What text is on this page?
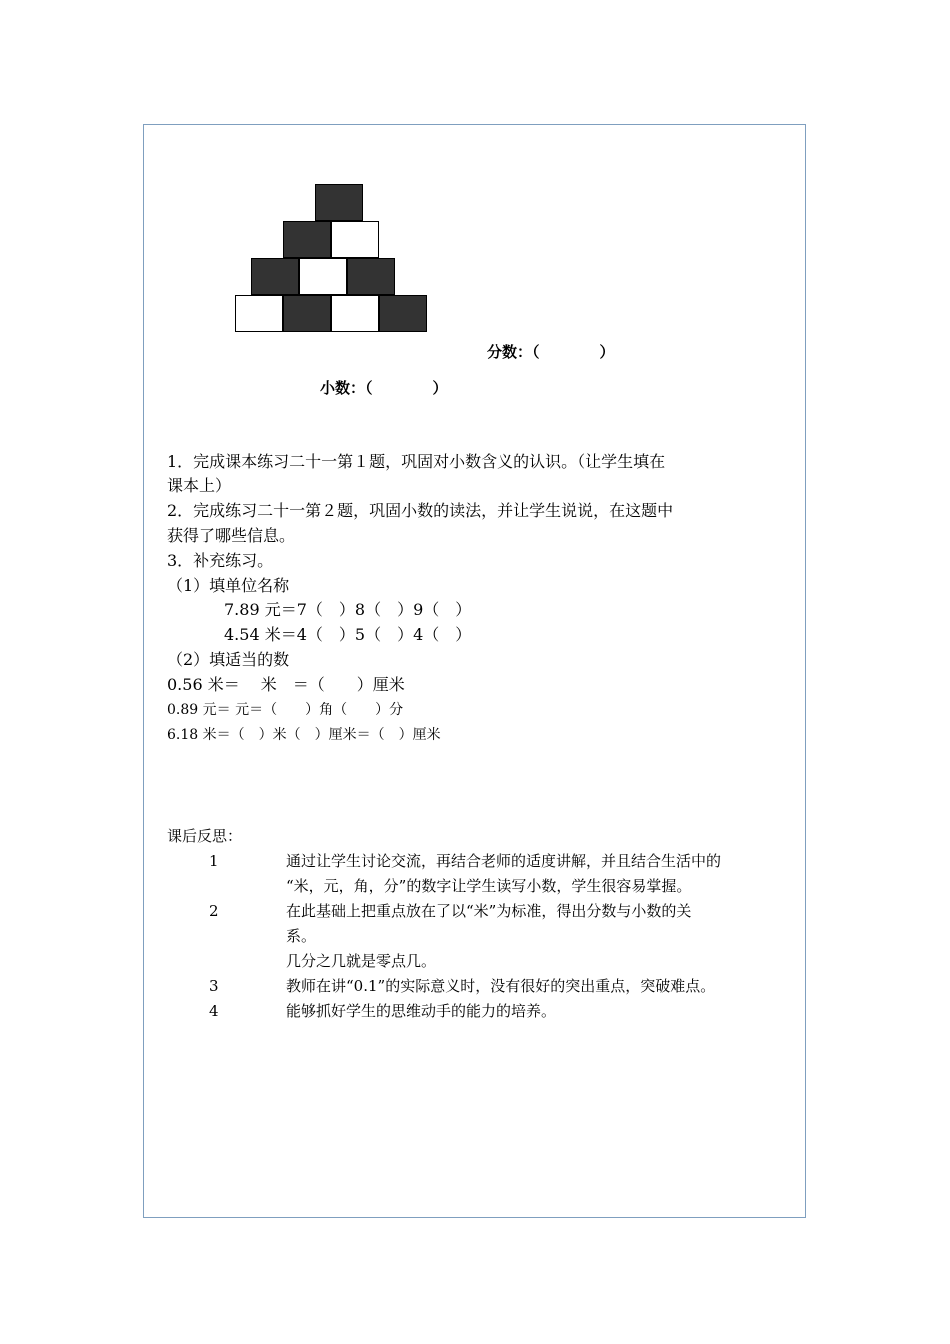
分数：（　　　　）
小数：（　　　　）
1．完成课本练习二十一第１题，巩固对小数含义的认识。（让学生填在
课本上）
2．完成练习二十一第２题，巩固小数的读法，并让学生说说，在这题中
获得了哪些信息。
3．补充练习。
（1）填单位名称
　　7.89 元＝7（　）8（　）9（　）
　　4.54 米＝4（　）5（　）4（　）
（2）填适当的数
0.56 米＝　 米　＝（　　）厘米
0.89 元＝ 元＝（　　）角（　　）分
6.18 米＝（　）米（　）厘米＝（　）厘米
课后反思：
1	通过让学生讨论交流，再结合老师的适度讲解，并且结合生活中的
“米，元，角，分”的数字让学生读写小数，学生很容易掌握。
2	在此基础上把重点放在了以“米”为标准，得出分数与小数的关
系。
几分之几就是零点几。
3	教师在讲“0.1”的实际意义时，没有很好的突出重点，突破难点。
4	能够抓好学生的思维动手的能力的培养。
